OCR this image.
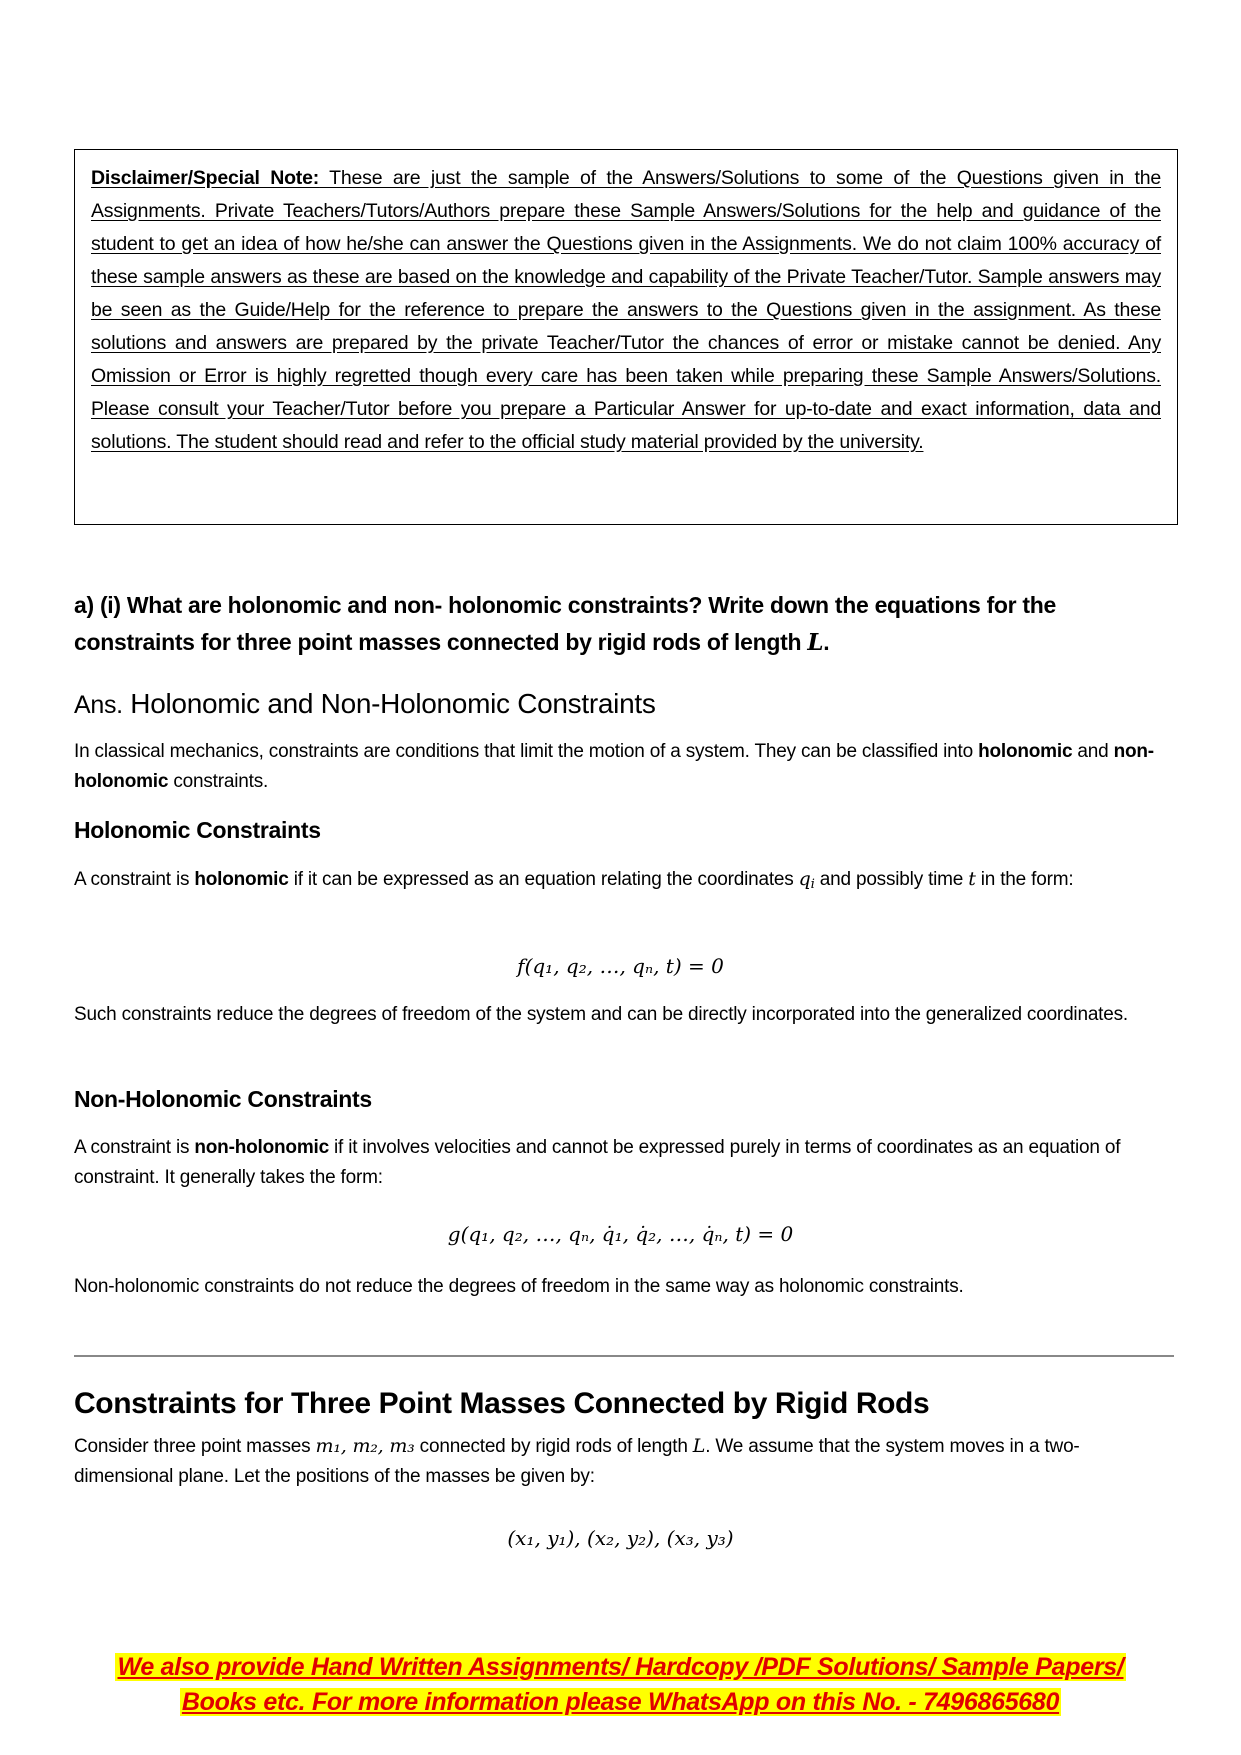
Disclaimer/Special Note: These are just the sample of the Answers/Solutions to some of the Questions given in the Assignments. Private Teachers/Tutors/Authors prepare these Sample Answers/Solutions for the help and guidance of the student to get an idea of how he/she can answer the Questions given in the Assignments. We do not claim 100% accuracy of these sample answers as these are based on the knowledge and capability of the Private Teacher/Tutor. Sample answers may be seen as the Guide/Help for the reference to prepare the answers to the Questions given in the assignment. As these solutions and answers are prepared by the private Teacher/Tutor the chances of error or mistake cannot be denied. Any Omission or Error is highly regretted though every care has been taken while preparing these Sample Answers/Solutions. Please consult your Teacher/Tutor before you prepare a Particular Answer for up-to-date and exact information, data and solutions. The student should read and refer to the official study material provided by the university.

a) (i) What are holonomic and non- holonomic constraints? Write down the equations for the constraints for three point masses connected by rigid rods of length L.
Ans. Holonomic and Non-Holonomic Constraints
In classical mechanics, constraints are conditions that limit the motion of a system. They can be classified into holonomic and non-holonomic constraints.
Holonomic Constraints
A constraint is holonomic if it can be expressed as an equation relating the coordinates $q_i$ and possibly time t in the form:
f(q₁, q₂, …, qₙ, t) = 0
Such constraints reduce the degrees of freedom of the system and can be directly incorporated into the generalized coordinates.
Non-Holonomic Constraints
A constraint is non-holonomic if it involves velocities and cannot be expressed purely in terms of coordinates as an equation of constraint. It generally takes the form:
g(q₁, q₂, …, qₙ, q̇₁, q̇₂, …, q̇ₙ, t) = 0
Non-holonomic constraints do not reduce the degrees of freedom in the same way as holonomic constraints.
Constraints for Three Point Masses Connected by Rigid Rods
Consider three point masses m₁, m₂, m₃ connected by rigid rods of length L. We assume that the system moves in a two-dimensional plane. Let the positions of the masses be given by:
(x₁, y₁), (x₂, y₂), (x₃, y₃)
We also provide Hand Written Assignments/ Hardcopy /PDF Solutions/ Sample Papers/
Books etc. For more information please WhatsApp on this No. - 7496865680
